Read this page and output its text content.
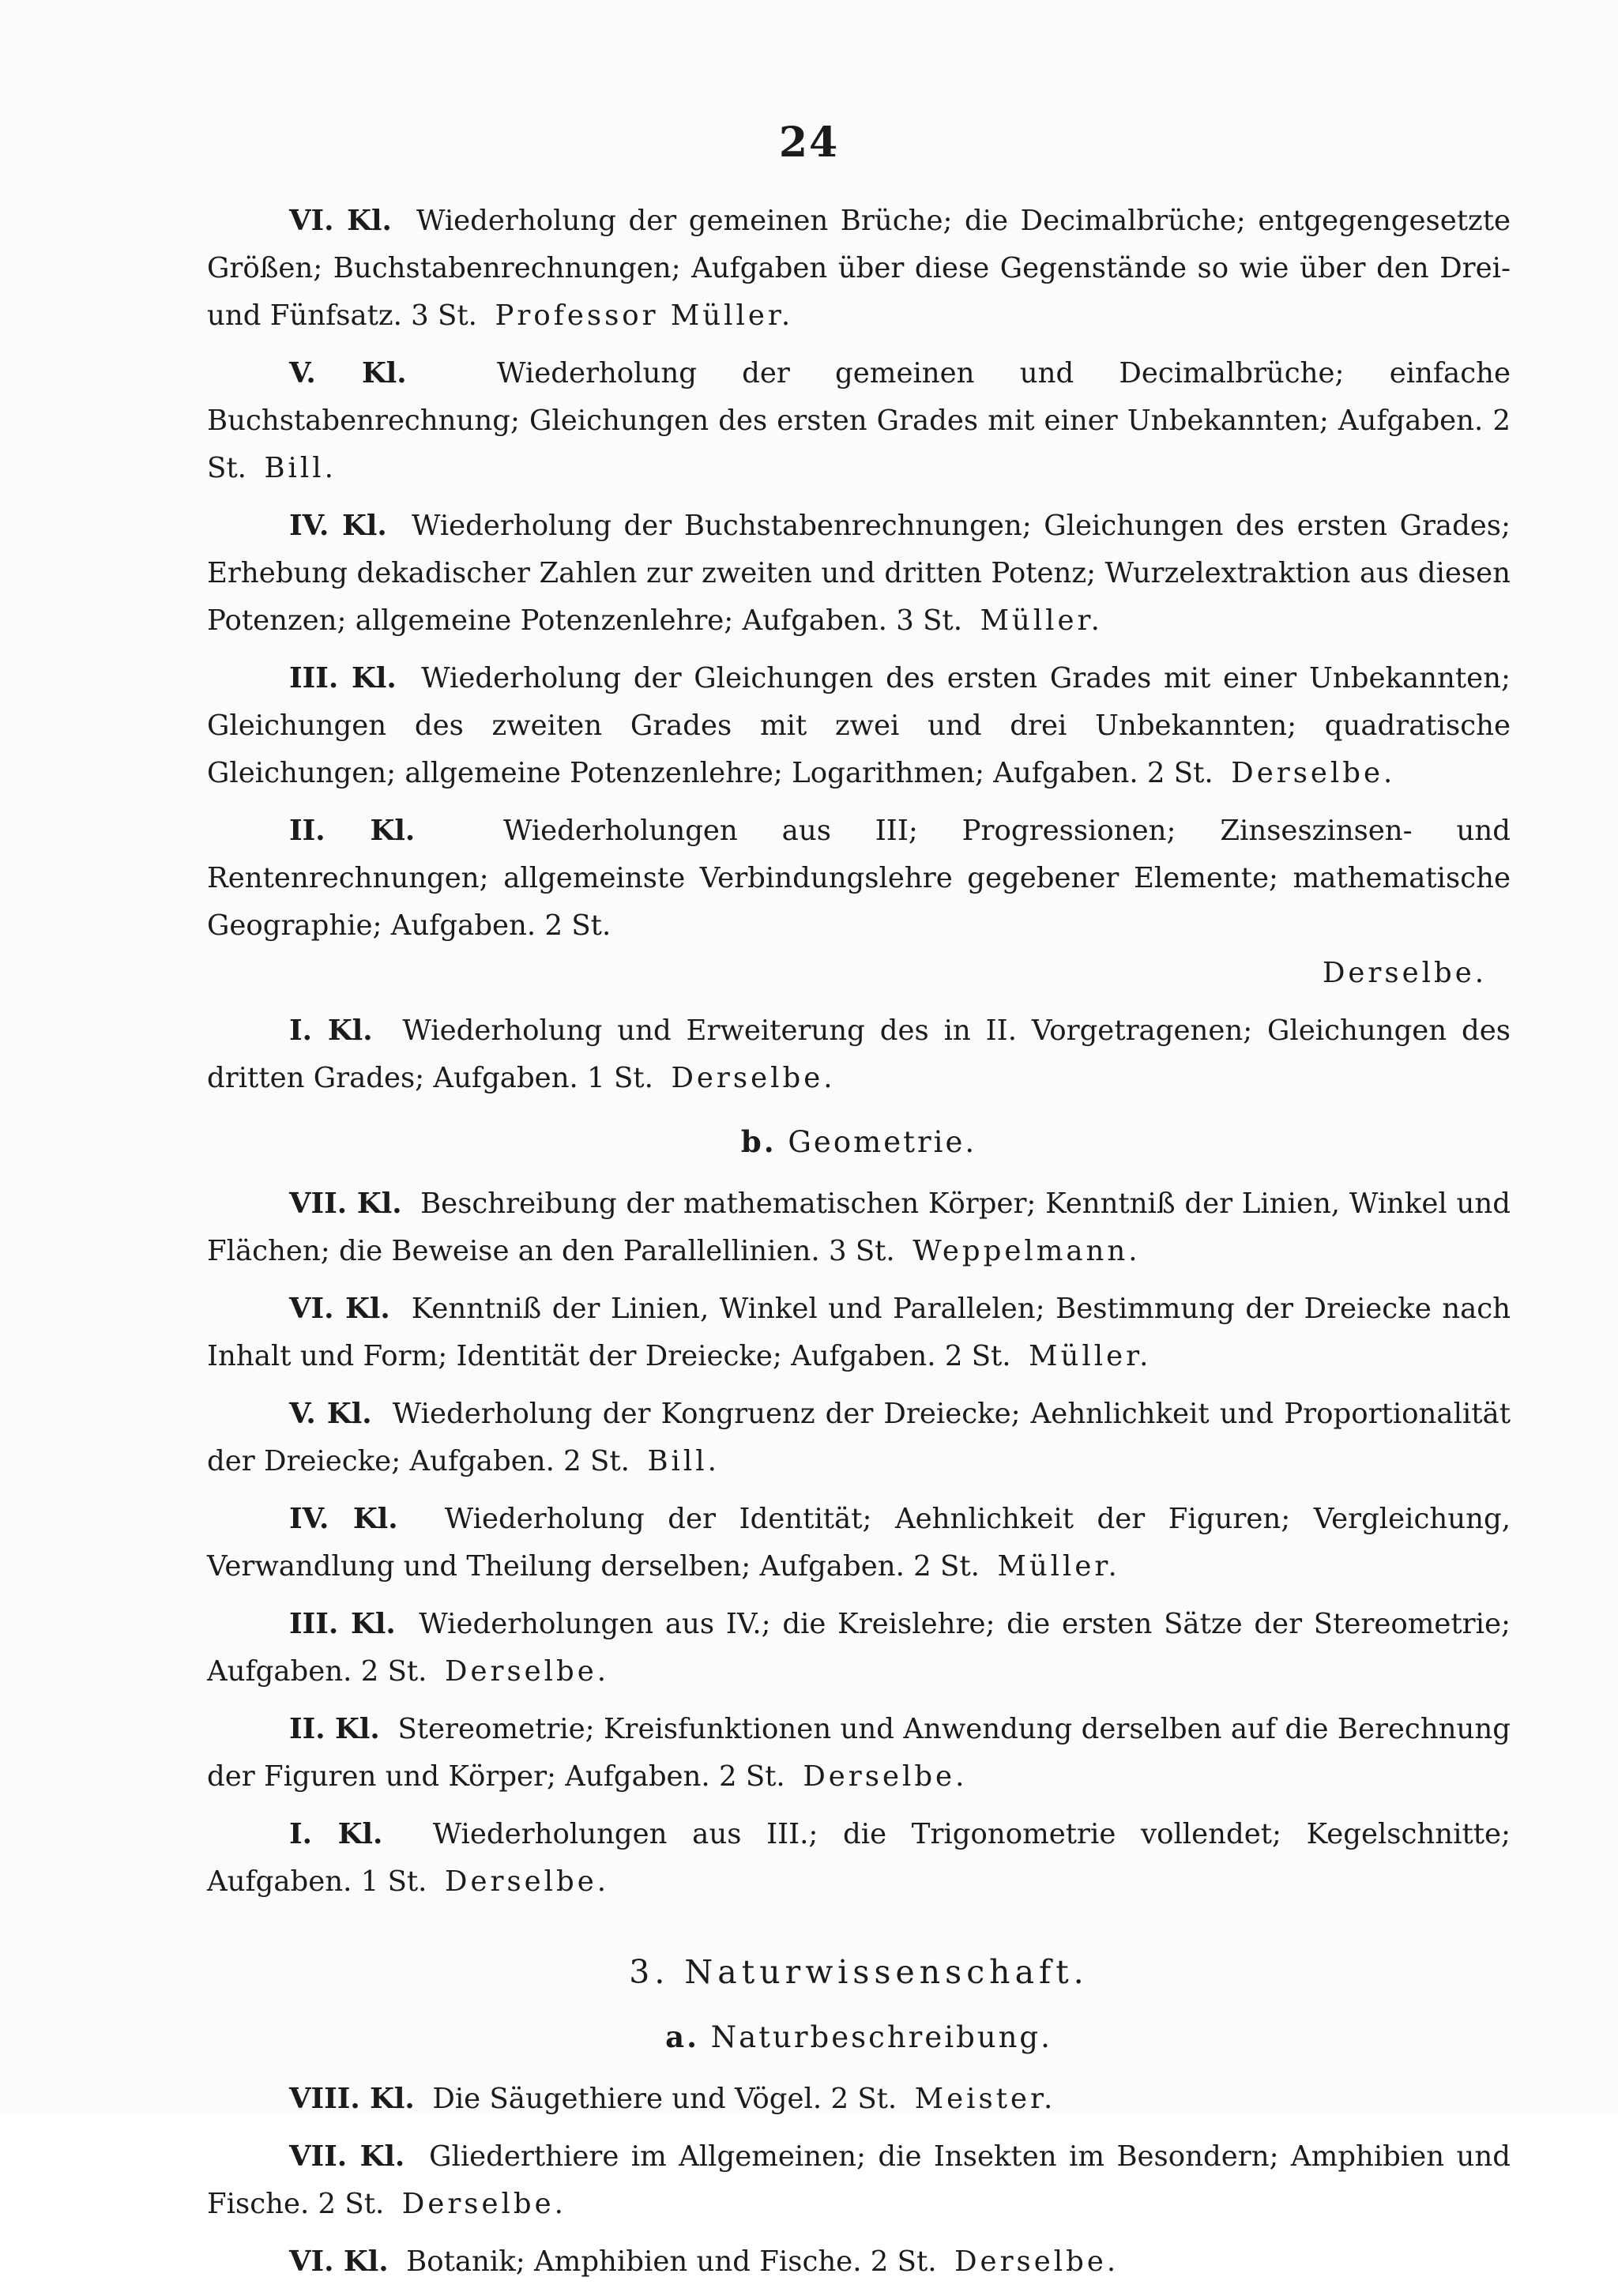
24

VI. Kl. Wiederholung der gemeinen Brüche; die Decimalbrüche; entgegengesetzte Größen; Buchstabenrechnungen; Aufgaben über diese Gegenstände so wie über den Drei- und Fünfsatz. 3 St. Professor Müller.

V. Kl.	Wiederholung der gemeinen und Decimalbrüche; einfache Buchstabenrechnung; Gleichungen des ersten Grades mit einer Unbekannten; Aufgaben. 2 St. Bill.

IV. Kl. Wiederholung der Buchstabenrechnungen; Gleichungen des ersten Grades; Erhebung dekadischer Zahlen zur zweiten und dritten Potenz; Wurzelextraktion aus diesen Potenzen; allgemeine Potenzenlehre; Aufgaben. 3 St. Müller.

III. Kl. Wiederholung der Gleichungen des ersten Grades mit einer Unbekannten; Gleichungen des zweiten Grades mit zwei und drei Unbekannten; quadratische Gleichungen; allgemeine Potenzenlehre; Logarithmen; Aufgaben. 2 St. Derselbe.

II. Kl.	Wiederholungen aus III; Progressionen; Zinseszinsen- und Rentenrechnungen; allgemeinste Verbindungslehre gegebener Elemente; mathematische Geographie; Aufgaben. 2 St.
Derselbe.

I. Kl. Wiederholung und Erweiterung des in II. Vorgetragenen; Gleichungen des dritten Grades; Aufgaben. 1 St. Derselbe.

b. Geometrie.

VII. Kl. Beschreibung der mathematischen Körper; Kenntniß der Linien, Winkel und Flächen; die Beweise an den Parallellinien. 3 St. Weppelmann.

VI. Kl. Kenntniß der Linien, Winkel und Parallelen; Bestimmung der Dreiecke nach Inhalt und Form; Identität der Dreiecke; Aufgaben. 2 St. Müller.

V. Kl. Wiederholung der Kongruenz der Dreiecke; Aehnlichkeit und Proportionalität der Dreiecke; Aufgaben. 2 St. Bill.

IV. Kl. Wiederholung der Identität; Aehnlichkeit der Figuren; Vergleichung, Verwandlung und Theilung derselben; Aufgaben. 2 St. Müller.

III. Kl. Wiederholungen aus IV.; die Kreislehre; die ersten Sätze der Stereometrie; Aufgaben. 2 St. Derselbe.

II. Kl. Stereometrie; Kreisfunktionen und Anwendung derselben auf die Berechnung der Figuren und Körper; Aufgaben. 2 St. Derselbe.

I. Kl. Wiederholungen aus III.; die Trigonometrie vollendet; Kegelschnitte; Aufgaben. 1 St. Derselbe.

3. Naturwissenschaft.
a. Naturbeschreibung.

VIII. Kl. Die Säugethiere und Vögel. 2 St. Meister.

VII. Kl. Gliederthiere im Allgemeinen; die Insekten im Besondern; Amphibien und Fische. 2 St. Derselbe.

VI. Kl. Botanik; Amphibien und Fische. 2 St. Derselbe.
